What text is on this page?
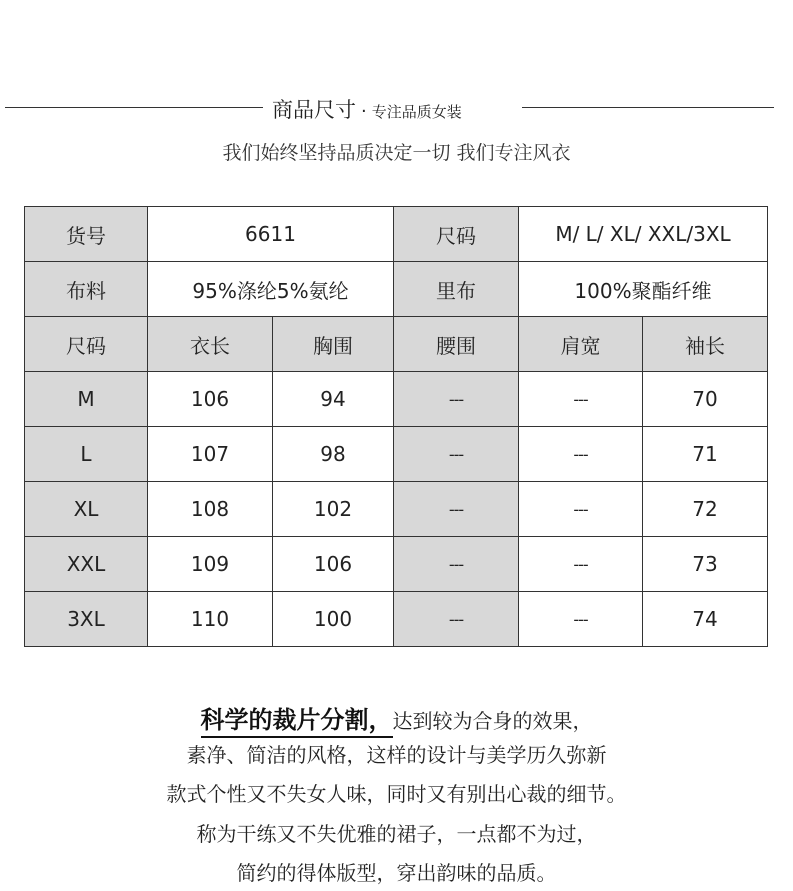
商品尺寸 · 专注品质女装
我们始终坚持品质决定一切 我们专注风衣
货号	6611		尺码	M/ L/ XL/ XXL/3XL	
布料	95%涤纶5%氨纶		里布	100%聚酯纤维	
尺码	衣长	胸围	腰围	肩宽	袖长
M	106	94	---	---	70
L	107	98	---	---	71
XL	108	102	---	---	72
XXL	109	106	---	---	73
3XL	110	100	---	---	74
科学的裁片分割，达到较为合身的效果，
素净、简洁的风格，这样的设计与美学历久弥新
款式个性又不失女人味，同时又有别出心裁的细节。
称为干练又不失优雅的裙子，一点都不为过，
简约的得体版型，穿出韵味的品质。
